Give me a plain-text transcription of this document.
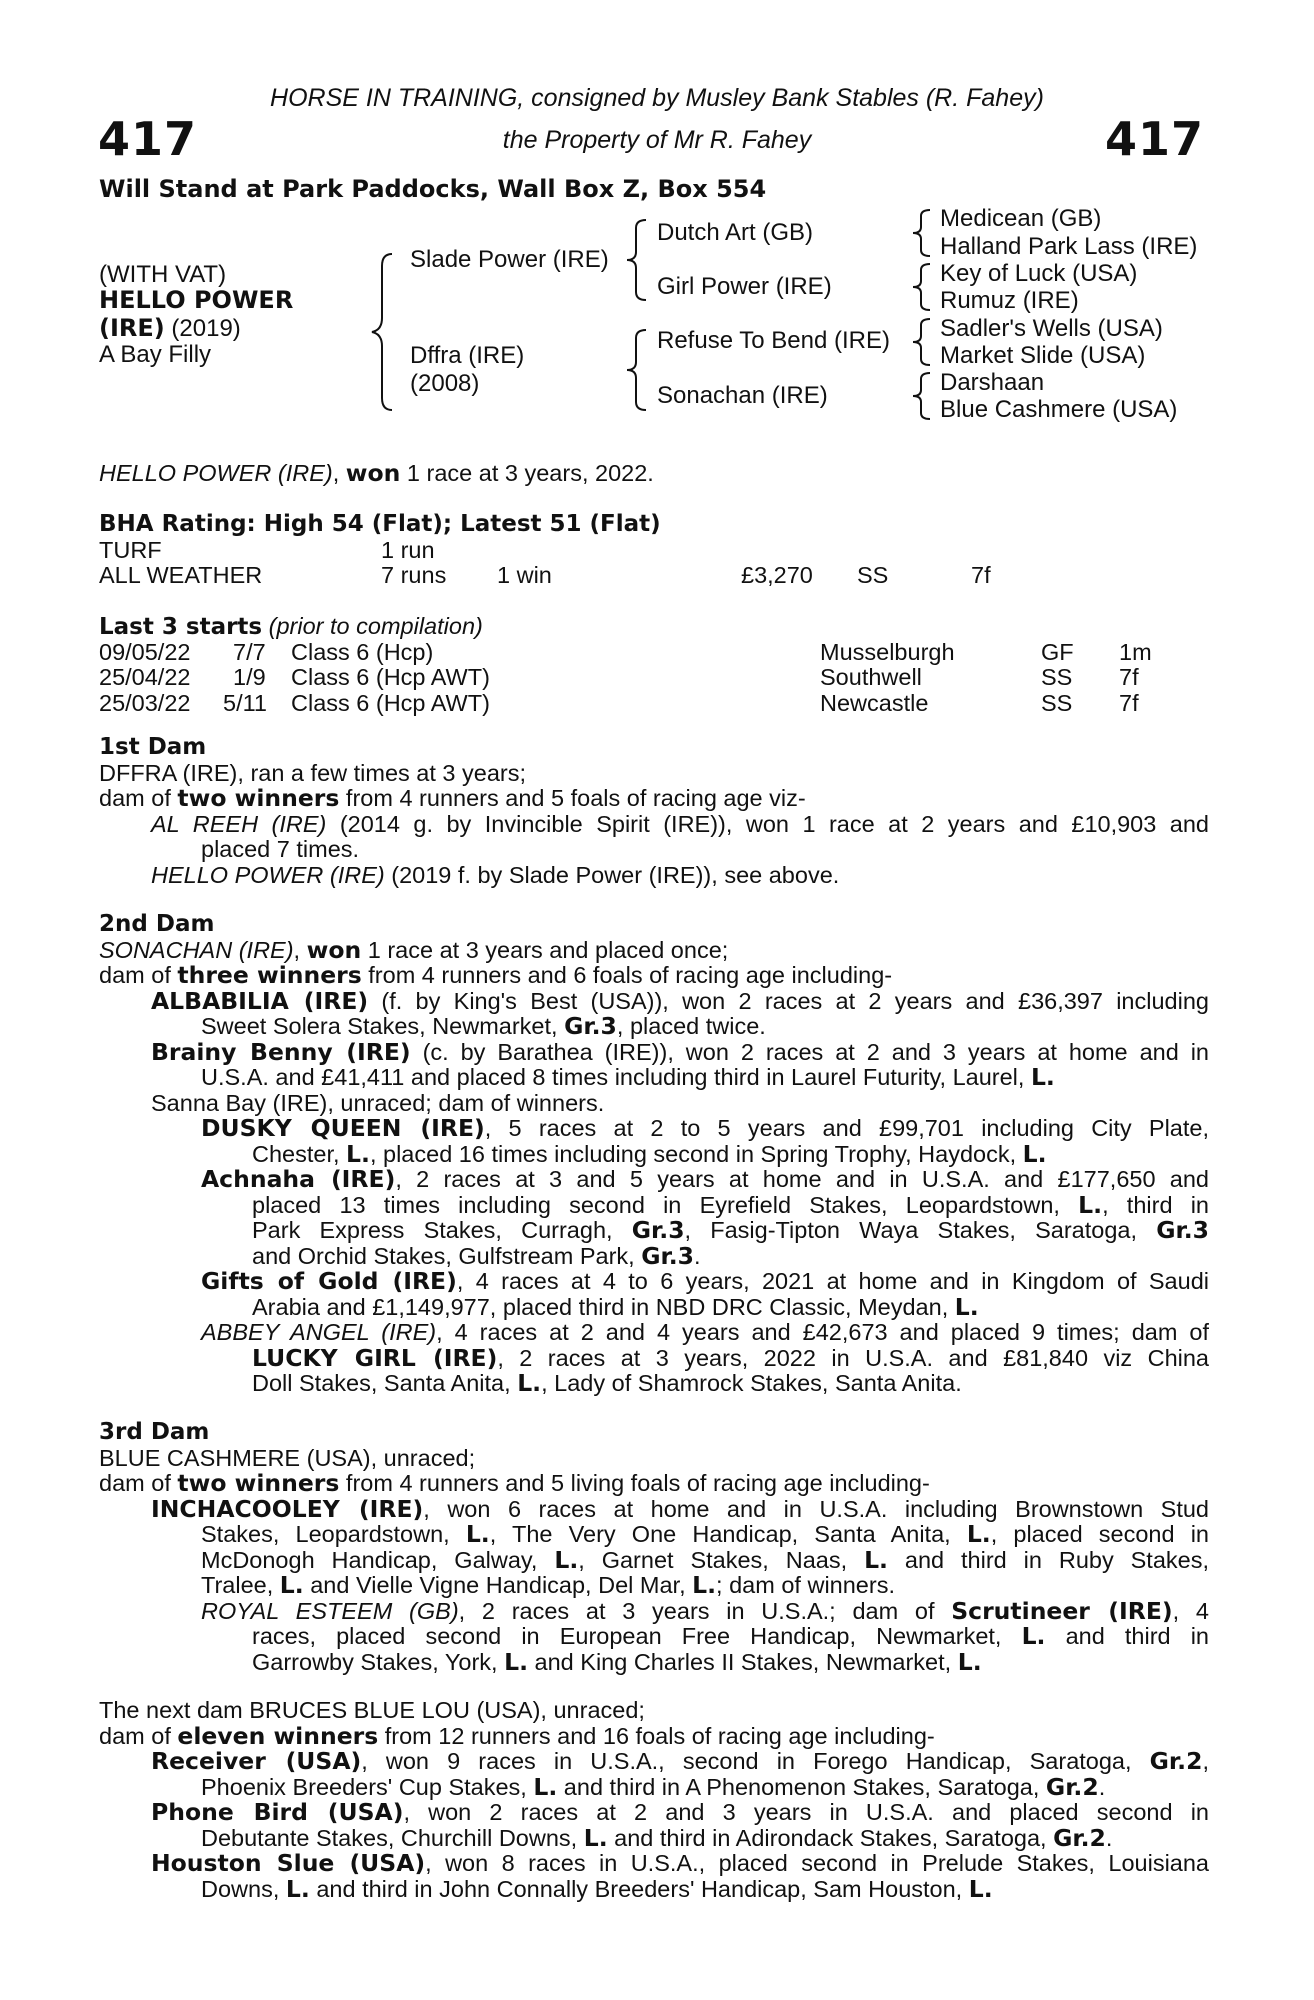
417	417
HORSE IN TRAINING, consigned by Musley Bank Stables (R. Fahey)
the Property of Mr R. Fahey
Will Stand at Park Paddocks, Wall Box Z, Box 554
(WITH VAT)
HELLO POWER
(IRE) (2019)
A Bay Filly
Slade Power (IRE)
Dffra (IRE)
(2008)
Dutch Art (GB)
Girl Power (IRE)
Refuse To Bend (IRE)
Sonachan (IRE)
Medicean (GB)
Halland Park Lass (IRE)
Key of Luck (USA)
Rumuz (IRE)
Sadler's Wells (USA)
Market Slide (USA)
Darshaan
Blue Cashmere (USA)
HELLO POWER (IRE), won 1 race at 3 years, 2022.
BHA Rating: High 54 (Flat); Latest 51 (Flat)
TURF	1 run
ALL WEATHER	7 runs 1 win	£3,270 SS	7f
Last 3 starts (prior to compilation)
09/05/22 7/7 Class 6 (Hcp)	Musselburgh	GF 1m
25/04/22 1/9 Class 6 (Hcp AWT)	Southwell	SS 7f
25/03/22 5/11 Class 6 (Hcp AWT)	Newcastle	SS 7f
1st Dam
DFFRA (IRE), ran a few times at 3 years;
dam of two winners from 4 runners and 5 foals of racing age viz-
AL REEH (IRE) (2014 g. by Invincible Spirit (IRE)), won 1 race at 2 years and £10,903 and
placed 7 times.
HELLO POWER (IRE) (2019 f. by Slade Power (IRE)), see above.
2nd Dam
SONACHAN (IRE), won 1 race at 3 years and placed once;
dam of three winners from 4 runners and 6 foals of racing age including-
ALBABILIA (IRE) (f. by King's Best (USA)), won 2 races at 2 years and £36,397 including
Sweet Solera Stakes, Newmarket, Gr.3, placed twice.
Brainy Benny (IRE) (c. by Barathea (IRE)), won 2 races at 2 and 3 years at home and in
U.S.A. and £41,411 and placed 8 times including third in Laurel Futurity, Laurel, L.
Sanna Bay (IRE), unraced; dam of winners.
DUSKY QUEEN (IRE), 5 races at 2 to 5 years and £99,701 including City Plate,
Chester, L., placed 16 times including second in Spring Trophy, Haydock, L.
Achnaha (IRE), 2 races at 3 and 5 years at home and in U.S.A. and £177,650 and
placed 13 times including second in Eyrefield Stakes, Leopardstown, L., third in
Park Express Stakes, Curragh, Gr.3, Fasig-Tipton Waya Stakes, Saratoga, Gr.3
and Orchid Stakes, Gulfstream Park, Gr.3.
Gifts of Gold (IRE), 4 races at 4 to 6 years, 2021 at home and in Kingdom of Saudi
Arabia and £1,149,977, placed third in NBD DRC Classic, Meydan, L.
ABBEY ANGEL (IRE), 4 races at 2 and 4 years and £42,673 and placed 9 times; dam of
LUCKY GIRL (IRE), 2 races at 3 years, 2022 in U.S.A. and £81,840 viz China
Doll Stakes, Santa Anita, L., Lady of Shamrock Stakes, Santa Anita.
3rd Dam
BLUE CASHMERE (USA), unraced;
dam of two winners from 4 runners and 5 living foals of racing age including-
INCHACOOLEY (IRE), won 6 races at home and in U.S.A. including Brownstown Stud
Stakes, Leopardstown, L., The Very One Handicap, Santa Anita, L., placed second in
McDonogh Handicap, Galway, L., Garnet Stakes, Naas, L. and third in Ruby Stakes,
Tralee, L. and Vielle Vigne Handicap, Del Mar, L.; dam of winners.
ROYAL ESTEEM (GB), 2 races at 3 years in U.S.A.; dam of Scrutineer (IRE), 4
races, placed second in European Free Handicap, Newmarket, L. and third in
Garrowby Stakes, York, L. and King Charles II Stakes, Newmarket, L.
The next dam BRUCES BLUE LOU (USA), unraced;
dam of eleven winners from 12 runners and 16 foals of racing age including-
Receiver (USA), won 9 races in U.S.A., second in Forego Handicap, Saratoga, Gr.2,
Phoenix Breeders' Cup Stakes, L. and third in A Phenomenon Stakes, Saratoga, Gr.2.
Phone Bird (USA), won 2 races at 2 and 3 years in U.S.A. and placed second in
Debutante Stakes, Churchill Downs, L. and third in Adirondack Stakes, Saratoga, Gr.2.
Houston Slue (USA), won 8 races in U.S.A., placed second in Prelude Stakes, Louisiana
Downs, L. and third in John Connally Breeders' Handicap, Sam Houston, L.
